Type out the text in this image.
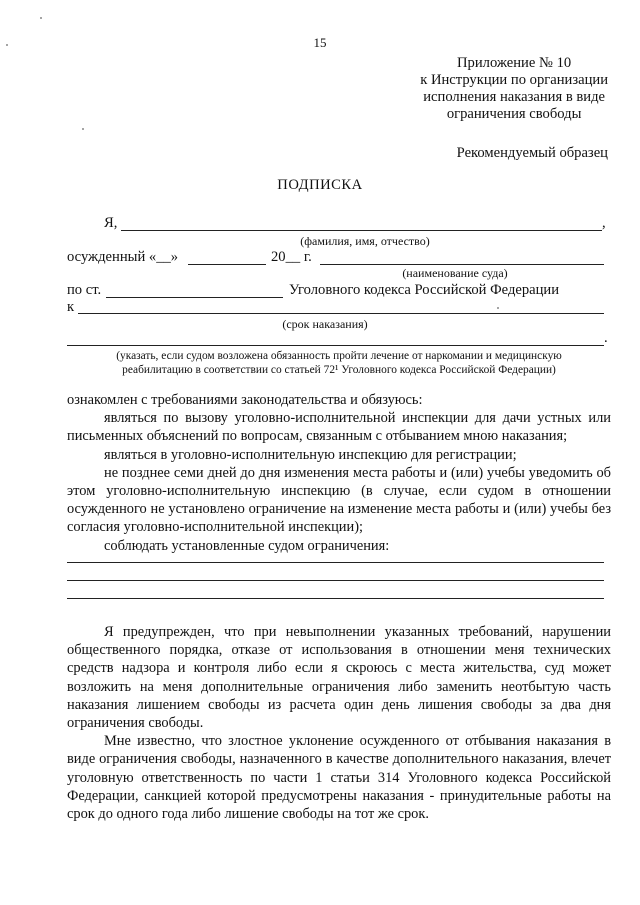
15
Приложение № 10
к Инструкции по организации
исполнения наказания в виде
ограничения свободы
Рекомендуемый образец
ПОДПИСКА
Я,	,
(фамилия, имя, отчество)
осужденный «__»	20__ г.
(наименование суда)
по ст.	Уголовного кодекса Российской Федерации
к
(срок наказания)
.
(указать, если судом возложена обязанность пройти лечение от наркомании и медицинскую
реабилитацию в соответствии со статьей 72¹ Уголовного кодекса Российской Федерации)

ознакомлен с требованиями законодательства и обязуюсь:

являться по вызову уголовно-исполнительной инспекции для дачи устных или письменных объяснений по вопросам, связанным с отбыванием мною наказания;

являться в уголовно-исполнительную инспекцию для регистрации;

не позднее семи дней до дня изменения места работы и (или) учебы уведомить об этом уголовно-исполнительную инспекцию (в случае, если судом в отношении осужденного не установлено ограничение на изменение места работы и (или) учебы без согласия уголовно-исполнительной инспекции);

соблюдать установленные судом ограничения:

Я предупрежден, что при невыполнении указанных требований, нарушении общественного порядка, отказе от использования в отношении меня технических средств надзора и контроля либо если я скроюсь с места жительства, суд может возложить на меня дополнительные ограничения либо заменить неотбытую часть наказания лишением свободы из расчета один день лишения свободы за два дня ограничения свободы.

Мне известно, что злостное уклонение осужденного от отбывания наказания в виде ограничения свободы, назначенного в качестве дополнительного наказания, влечет уголовную ответственность по части 1 статьи 314 Уголовного кодекса Российской Федерации, санкцией которой предусмотрены наказания - принудительные работы на срок до одного года либо лишение свободы на тот же срок.
